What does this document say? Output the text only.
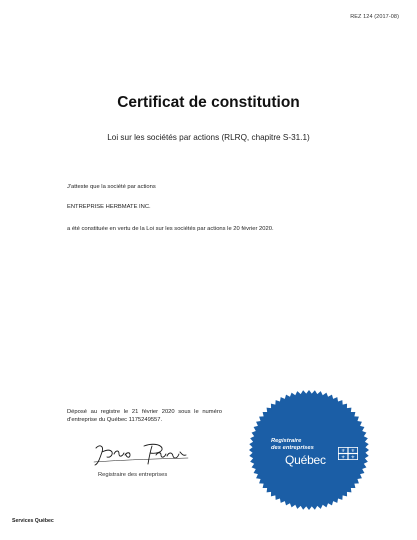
REZ 124 (2017-08)
Certificat de constitution
Loi sur les sociétés par actions (RLRQ, chapitre S-31.1)
J'atteste que la société par actions
ENTREPRISE HERBMATE INC.
a été constituée en vertu de la Loi sur les sociétés par actions le 20 février 2020.
Déposé au registre le 21 février 2020 sous le numéro d'entreprise du Québec 1175249557.
Registraire des entreprises
Services Québec
Registraire
des entreprises
Québec
⚜ ⚜
⚜ ⚜
